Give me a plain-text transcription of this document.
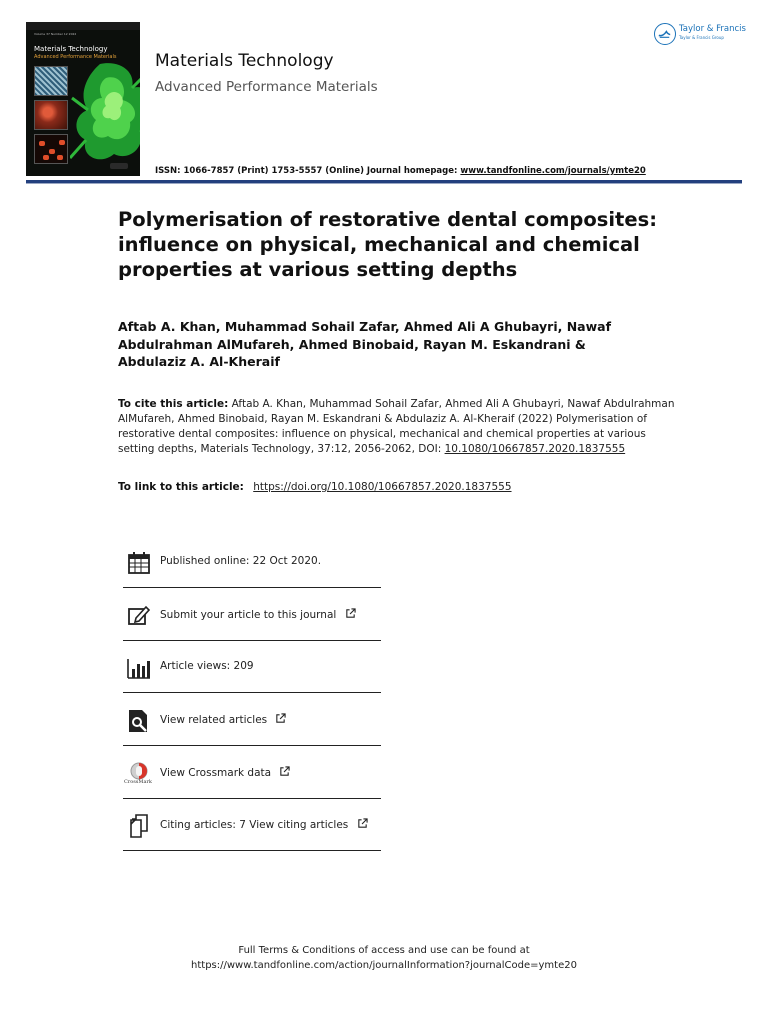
Volume 37 Number 12 2022
Materials Technology
Advanced Performance Materials Materials Technology
Advanced Performance Materials
ISSN: 1066-7857 (Print) 1753-5557 (Online) Journal homepage: www.tandfonline.com/journals/ymte20
Taylor & Francis
Taylor & Francis Group
Polymerisation of restorative dental composites: influence on physical, mechanical and chemical properties at various setting depths
Aftab A. Khan, Muhammad Sohail Zafar, Ahmed Ali A Ghubayri, Nawaf Abdulrahman AlMufareh, Ahmed Binobaid, Rayan M. Eskandrani & Abdulaziz A. Al-Kheraif
To cite this article: Aftab A. Khan, Muhammad Sohail Zafar, Ahmed Ali A Ghubayri, Nawaf Abdulrahman AlMufareh, Ahmed Binobaid, Rayan M. Eskandrani & Abdulaziz A. Al-Kheraif (2022) Polymerisation of restorative dental composites: influence on physical, mechanical and chemical properties at various setting depths, Materials Technology, 37:12, 2056-2062, DOI: 10.1080/10667857.2020.1837555
To link to this article: https://doi.org/10.1080/10667857.2020.1837555
Published online: 22 Oct 2020.
Submit your article to this journal
Article views: 209
View related articles
CrossMark
View Crossmark data
Citing articles: 7 View citing articles
Full Terms & Conditions of access and use can be found at
https://www.tandfonline.com/action/journalInformation?journalCode=ymte20
